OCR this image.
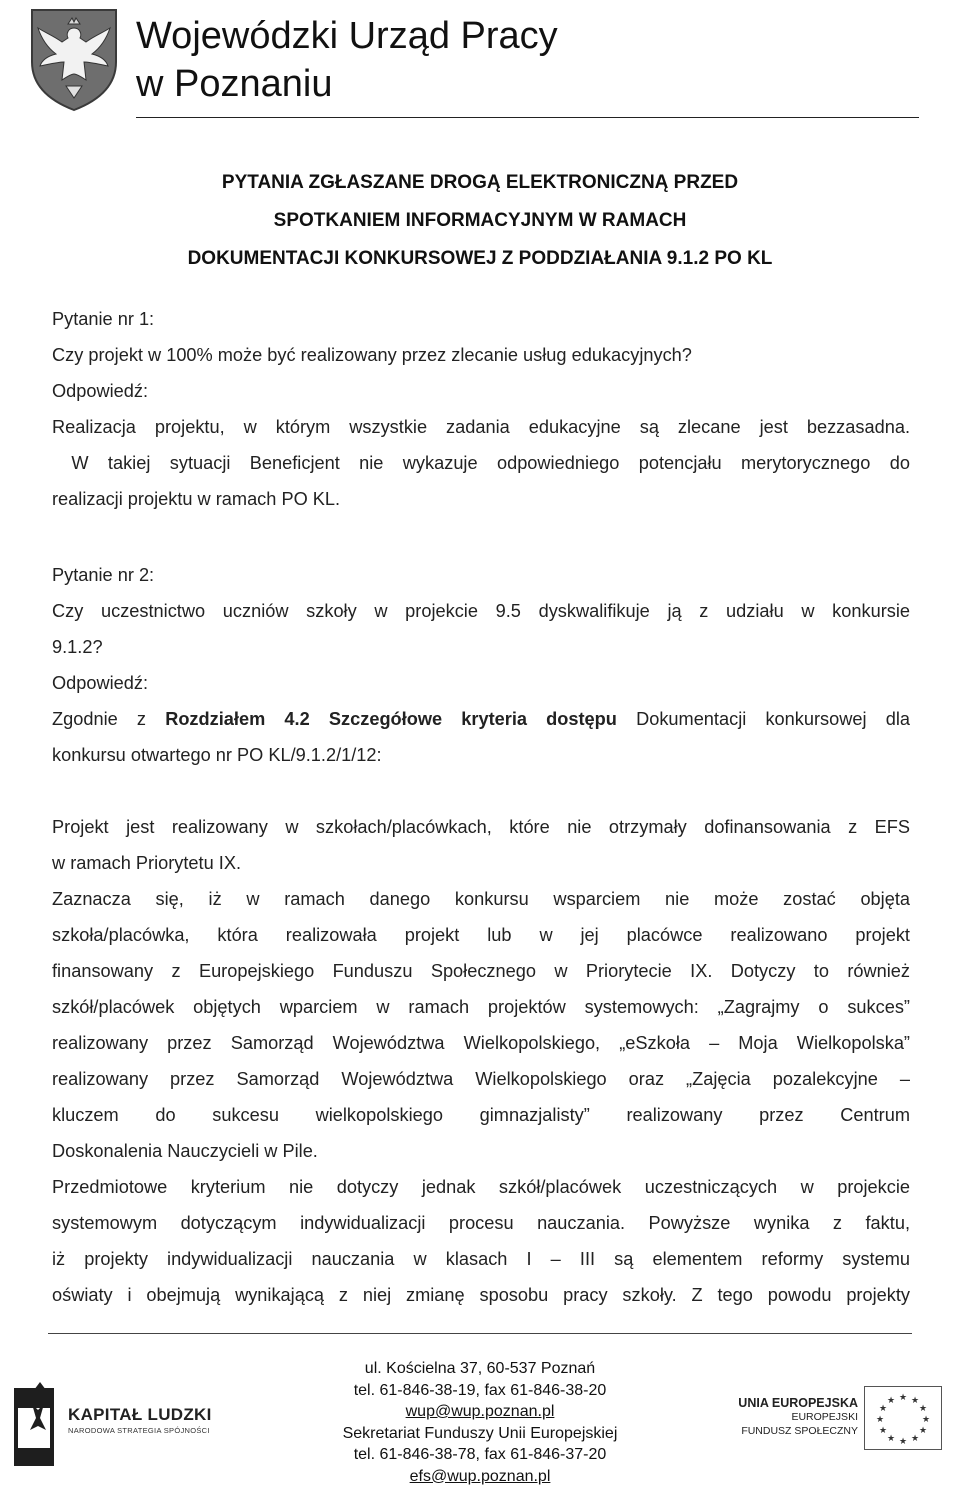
Wojewódzki Urząd Pracy
w Poznaniu
PYTANIA ZGŁASZANE DROGĄ ELEKTRONICZNĄ PRZED
SPOTKANIEM INFORMACYJNYM W RAMACH
DOKUMENTACJI KONKURSOWEJ Z PODDZIAŁANIA 9.1.2 PO KL
Pytanie nr 1:
Czy projekt w 100% może być realizowany przez zlecanie usług edukacyjnych?
Odpowiedź:
Realizacja projektu, w którym wszystkie zadania edukacyjne są zlecane jest bezzasadna.
W takiej sytuacji Beneficjent nie wykazuje odpowiedniego potencjału merytorycznego do
realizacji projektu w ramach PO KL.
Pytanie nr 2:
Czy uczestnictwo uczniów szkoły w projekcie 9.5 dyskwalifikuje ją z udziału w konkursie
9.1.2?
Odpowiedź:
Zgodnie z Rozdziałem 4.2 Szczegółowe kryteria dostępu Dokumentacji konkursowej dla
konkursu otwartego nr PO KL/9.1.2/1/12:
Projekt jest realizowany w szkołach/placówkach, które nie otrzymały dofinansowania z EFS
w ramach Priorytetu IX.
Zaznacza się, iż w ramach danego konkursu wsparciem nie może zostać objęta
szkoła/placówka, która realizowała projekt lub w jej placówce realizowano projekt
finansowany z Europejskiego Funduszu Społecznego w Priorytecie IX. Dotyczy to również
szkół/placówek objętych wparciem w ramach projektów systemowych: „Zagrajmy o sukces”
realizowany przez Samorząd Województwa Wielkopolskiego, „eSzkoła – Moja Wielkopolska”
realizowany przez Samorząd Województwa Wielkopolskiego oraz „Zajęcia pozalekcyjne –
kluczem do sukcesu wielkopolskiego gimnazjalisty” realizowany przez Centrum
Doskonalenia Nauczycieli w Pile.
Przedmiotowe kryterium nie dotyczy jednak szkół/placówek uczestniczących w projekcie
systemowym dotyczącym indywidualizacji procesu nauczania. Powyższe wynika z faktu,
iż projekty indywidualizacji nauczania w klasach I – III są elementem reformy systemu
oświaty i obejmują wynikającą z niej zmianę sposobu pracy szkoły. Z tego powodu projekty
KAPITAŁ LUDZKI
NARODOWA STRATEGIA SPÓJNOŚCI
ul. Kościelna 37, 60-537 Poznań
tel. 61-846-38-19, fax 61-846-38-20
wup@wup.poznan.pl
Sekretariat Funduszy Unii Europejskiej
tel. 61-846-38-78, fax 61-846-37-20
efs@wup.poznan.pl
UNIA EUROPEJSKA
EUROPEJSKI
FUNDUSZ SPOŁECZNY
★ ★
★
★
★
★
★
★
★
★
★
★
